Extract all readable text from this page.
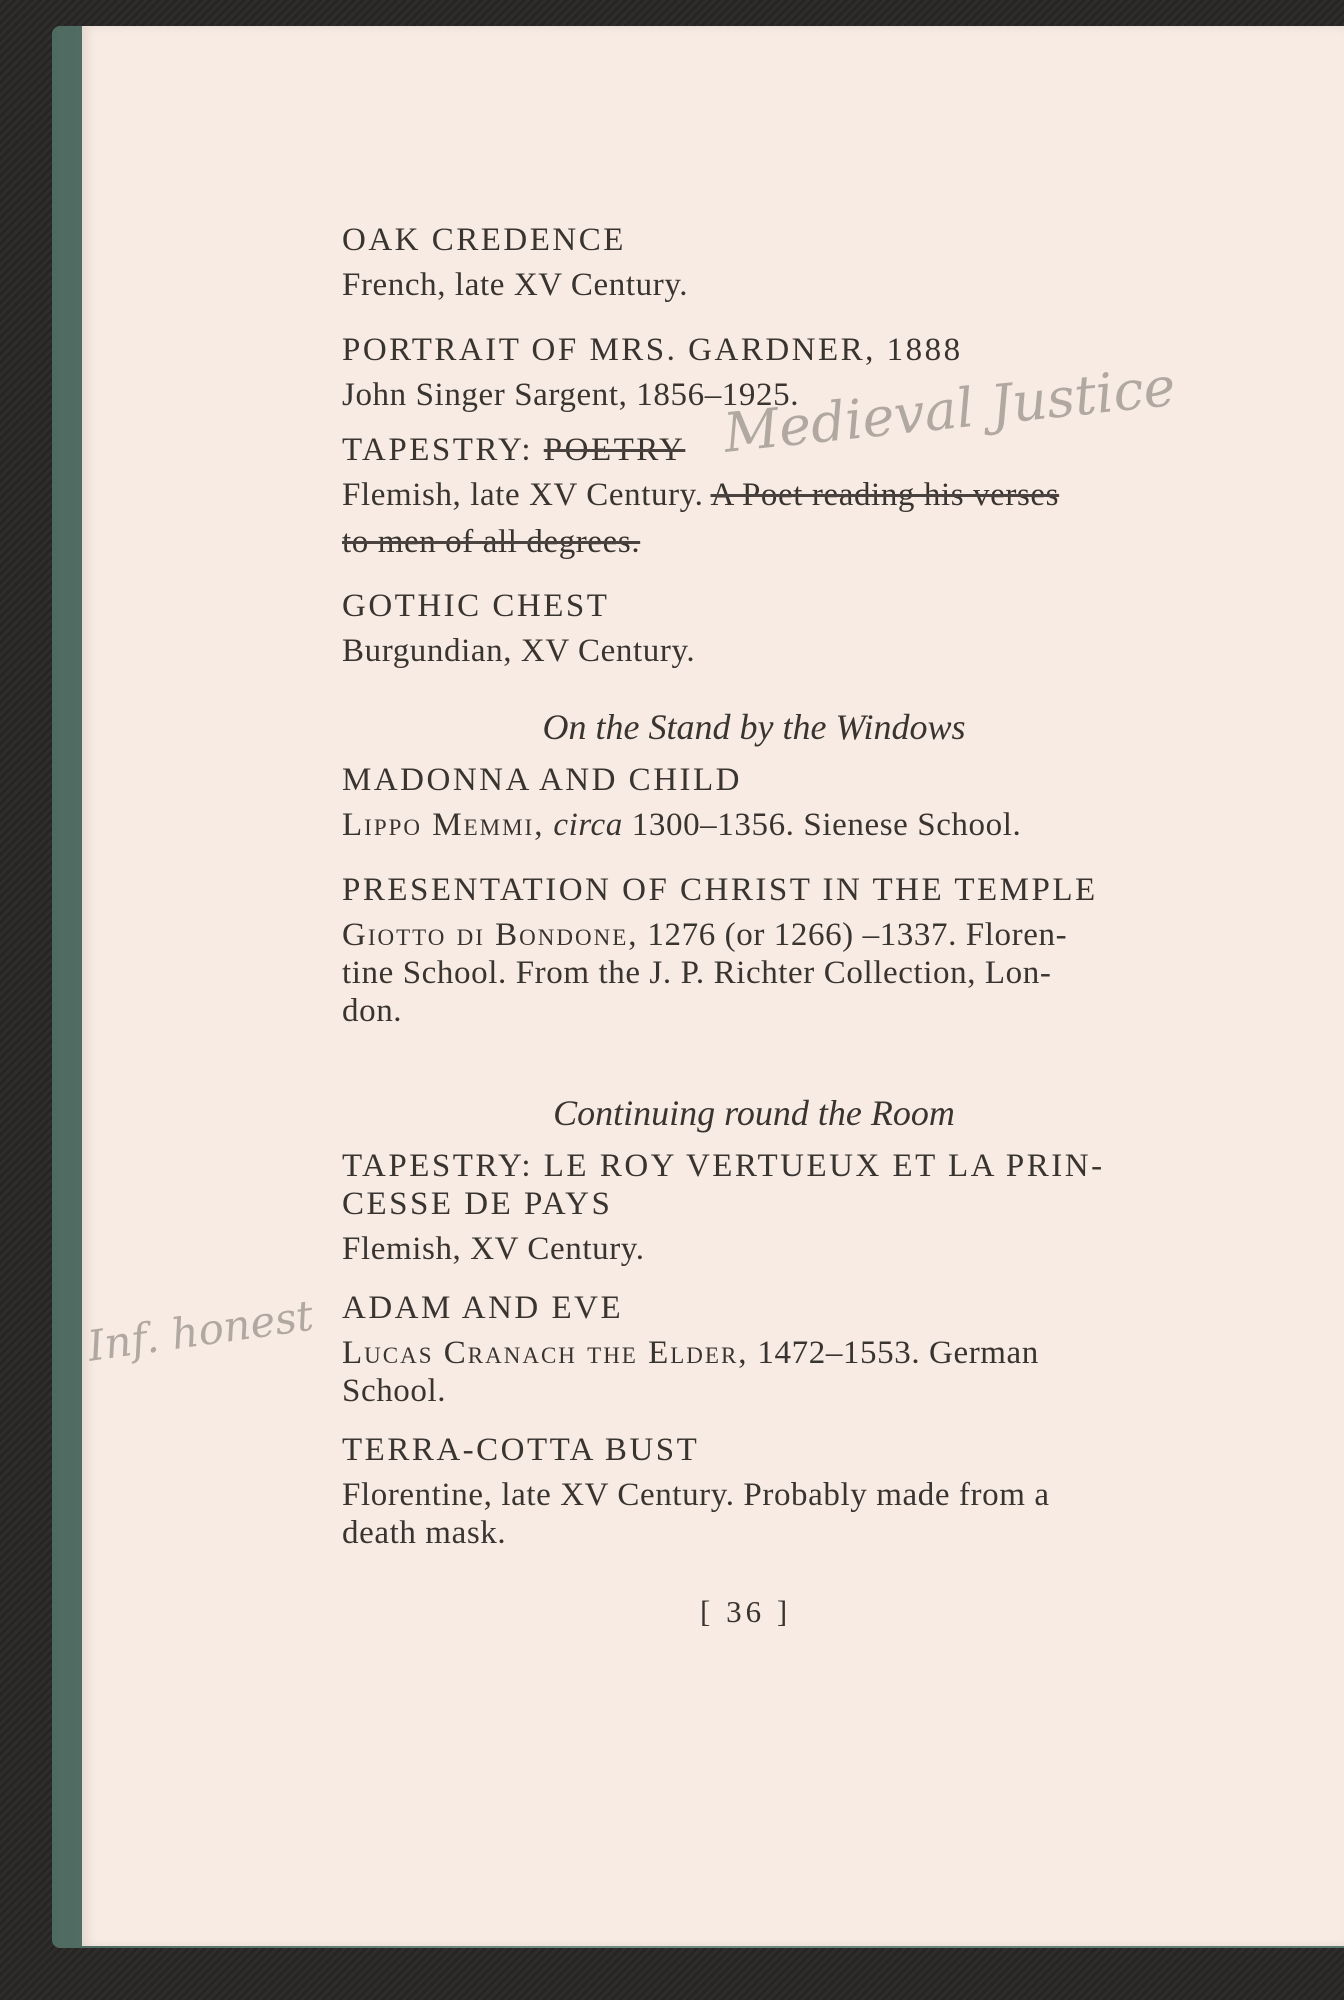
OAK CREDENCE
French, late XV Century.
PORTRAIT OF MRS. GARDNER, 1888
John Singer Sargent, 1856–1925.
TAPESTRY: POETRY
Flemish, late XV Century. A Poet reading his verses
to men of all degrees.
GOTHIC CHEST
Burgundian, XV Century.
On the Stand by the Windows
MADONNA AND CHILD
Lippo Memmi, circa 1300–1356. Sienese School.
PRESENTATION OF CHRIST IN THE TEMPLE
Giotto di Bondone, 1276 (or 1266) –1337. Floren-
tine School. From the J. P. Richter Collection, Lon-
don.
Continuing round the Room
TAPESTRY: LE ROY VERTUEUX ET LA PRIN-
CESSE DE PAYS
Flemish, XV Century.
ADAM AND EVE
Lucas Cranach the Elder, 1472–1553. German
School.
TERRA-COTTA BUST
Florentine, late XV Century. Probably made from a
death mask.
[ 36 ]
Medieval Justice
Inf. honest
